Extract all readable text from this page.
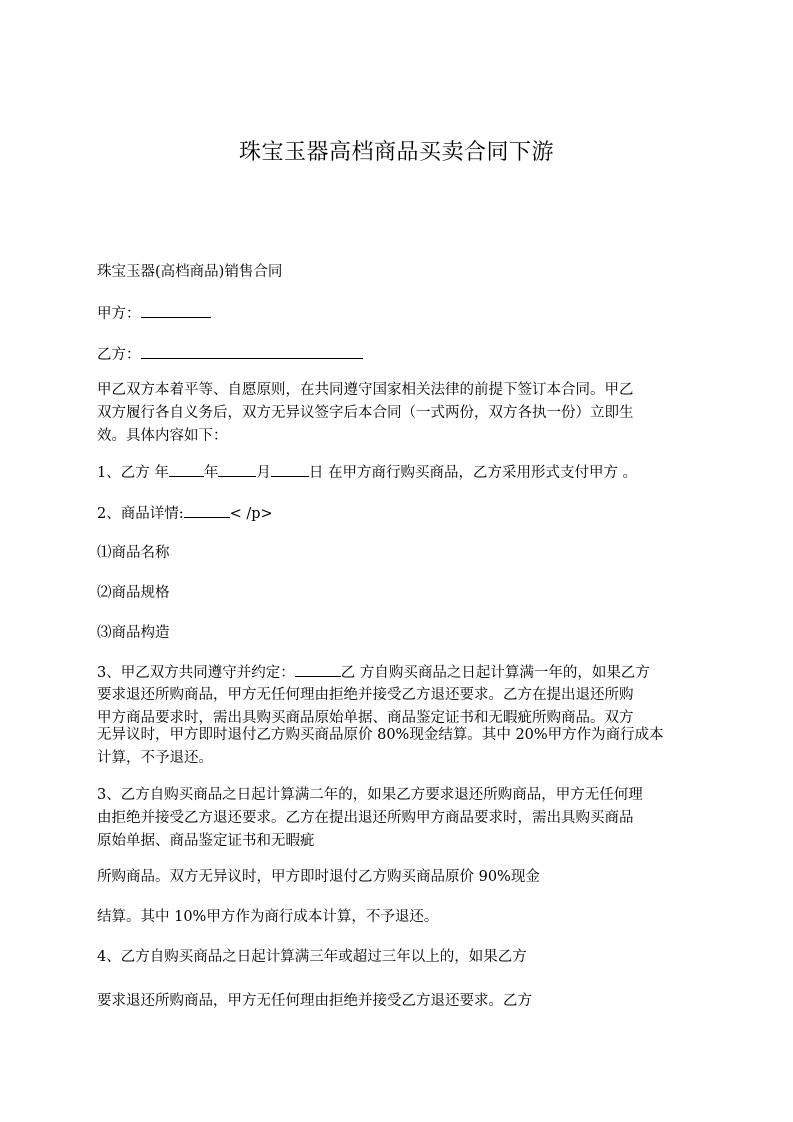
珠宝玉器高档商品买卖合同下游
珠宝玉器(高档商品)销售合同
甲方：
乙方：
甲乙双方本着平等、自愿原则，在共同遵守国家相关法律的前提下签订本合同。甲乙
双方履行各自义务后，双方无异议签字后本合同（一式两份，双方各执一份）立即生
效。具体内容如下：
1、乙方 年 年	月	日 在甲方商行购买商品，乙方采用形式支付甲方 。
2、商品详情:	< /p>
⑴商品名称
⑵商品规格
⑶商品构造
3、甲乙双方共同遵守并约定：	乙 方自购买商品之日起计算满一年的，如果乙方
要求退还所购商品，甲方无任何理由拒绝并接受乙方退还要求。乙方在提出退还所购
甲方商品要求时，需出具购买商品原始单据、商品鉴定证书和无暇疵所购商品。双方
无异议时，甲方即时退付乙方购买商品原价 80%现金结算。其中 20%甲方作为商行成本
计算，不予退还。
3、乙方自购买商品之日起计算满二年的，如果乙方要求退还所购商品，甲方无任何理
由拒绝并接受乙方退还要求。乙方在提出退还所购甲方商品要求时，需出具购买商品
原始单据、商品鉴定证书和无暇疵
所购商品。双方无异议时，甲方即时退付乙方购买商品原价 90%现金
结算。其中 10%甲方作为商行成本计算，不予退还。
4、乙方自购买商品之日起计算满三年或超过三年以上的，如果乙方
要求退还所购商品，甲方无任何理由拒绝并接受乙方退还要求。乙方
